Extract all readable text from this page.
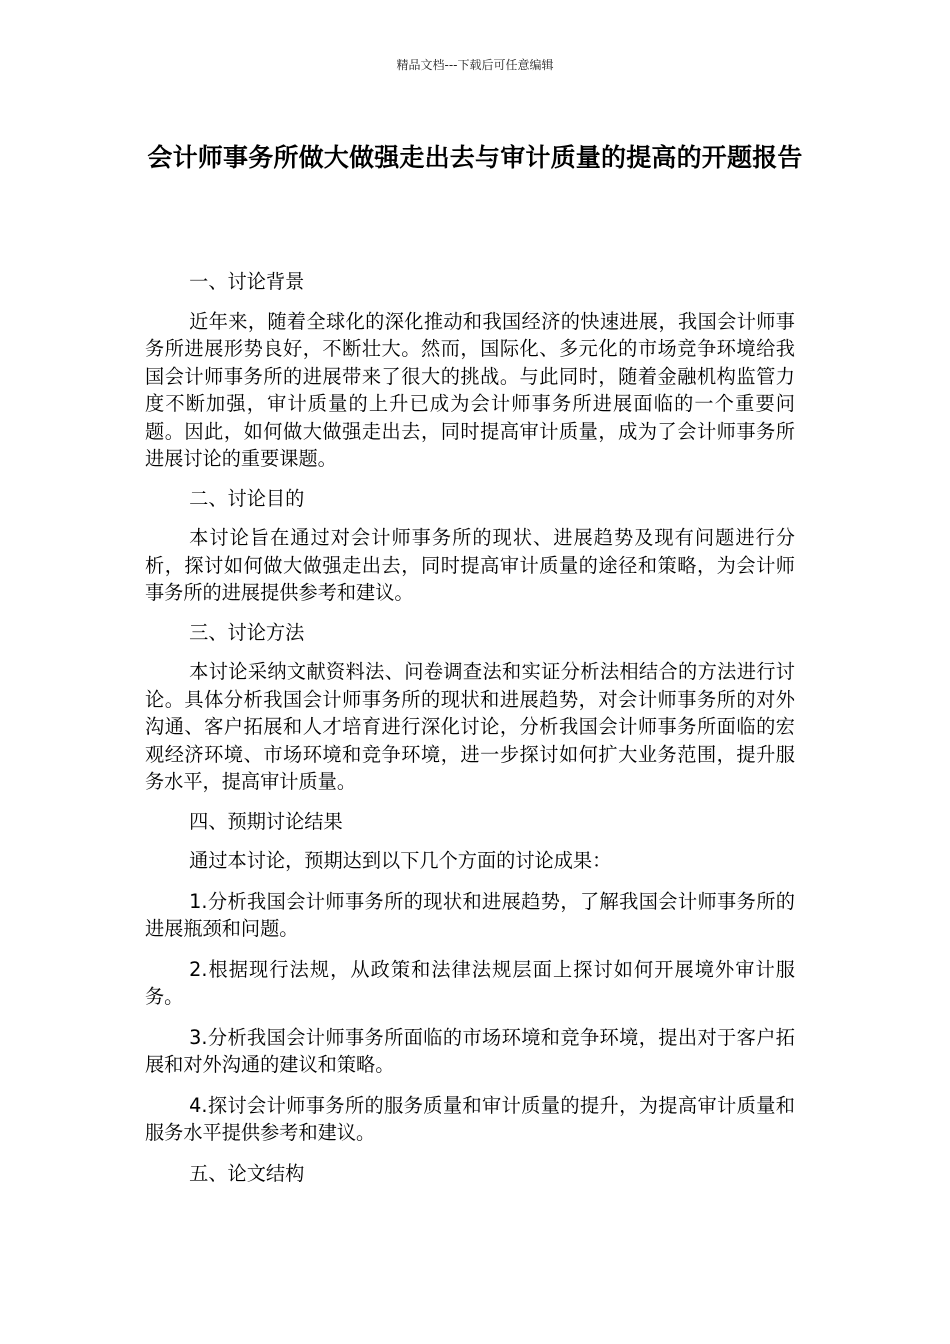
精品文档---下载后可任意编辑
会计师事务所做大做强走出去与审计质量的提高的开题报告

一、讨论背景

近年来，随着全球化的深化推动和我国经济的快速进展，我国会计师事务所进展形势良好，不断壮大。然而，国际化、多元化的市场竞争环境给我国会计师事务所的进展带来了很大的挑战。与此同时，随着金融机构监管力度不断加强，审计质量的上升已成为会计师事务所进展面临的一个重要问题。因此，如何做大做强走出去，同时提高审计质量，成为了会计师事务所进展讨论的重要课题。

二、讨论目的

本讨论旨在通过对会计师事务所的现状、进展趋势及现有问题进行分析，探讨如何做大做强走出去，同时提高审计质量的途径和策略，为会计师事务所的进展提供参考和建议。

三、讨论方法

本讨论采纳文献资料法、问卷调查法和实证分析法相结合的方法进行讨论。具体分析我国会计师事务所的现状和进展趋势，对会计师事务所的对外沟通、客户拓展和人才培育进行深化讨论，分析我国会计师事务所面临的宏观经济环境、市场环境和竞争环境，进一步探讨如何扩大业务范围，提升服务水平，提高审计质量。

四、预期讨论结果

通过本讨论，预期达到以下几个方面的讨论成果：

1.分析我国会计师事务所的现状和进展趋势，了解我国会计师事务所的进展瓶颈和问题。

2.根据现行法规，从政策和法律法规层面上探讨如何开展境外审计服务。

3.分析我国会计师事务所面临的市场环境和竞争环境，提出对于客户拓展和对外沟通的建议和策略。

4.探讨会计师事务所的服务质量和审计质量的提升，为提高审计质量和服务水平提供参考和建议。

五、论文结构
